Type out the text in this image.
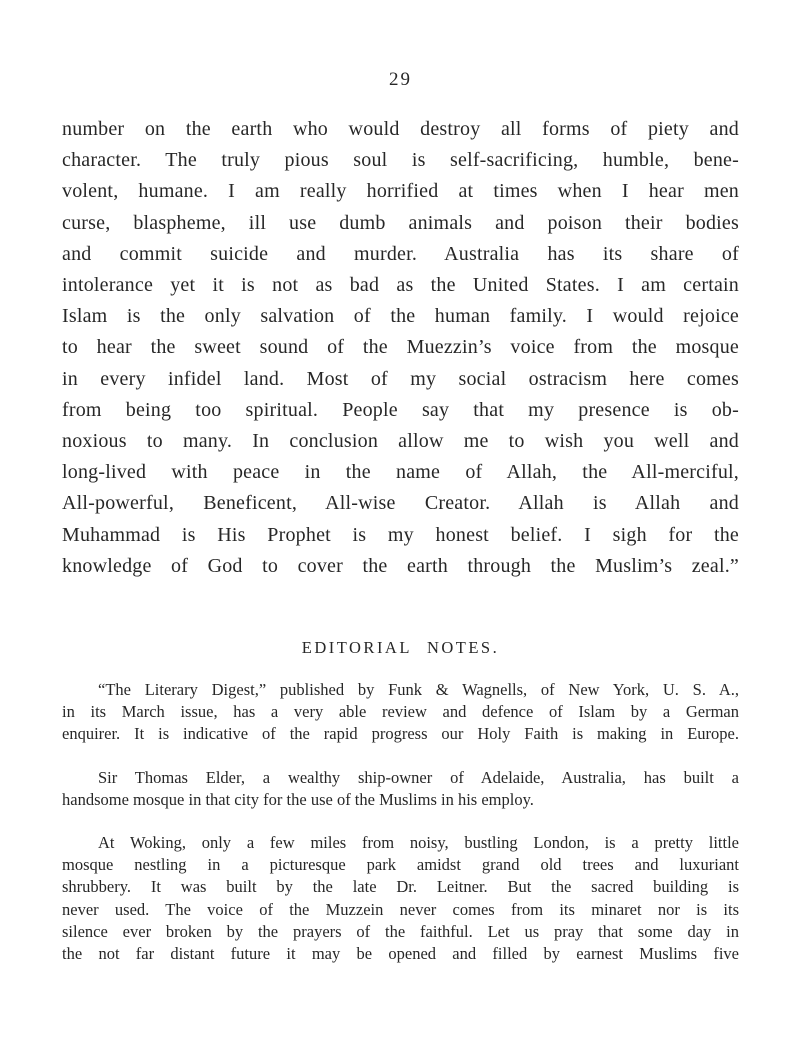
29
number on the earth who would destroy all forms of piety and
character. The truly pious soul is self-sacrificing, humble, bene-
volent, humane. I am really horrified at times when I hear men
curse, blaspheme, ill use dumb animals and poison their bodies
and commit suicide and murder. Australia has its share of
intolerance yet it is not as bad as the United States. I am certain
Islam is the only salvation of the human family. I would rejoice
to hear the sweet sound of the Muezzin’s voice from the mosque
in every infidel land. Most of my social ostracism here comes
from being too spiritual. People say that my presence is ob-
noxious to many. In conclusion allow me to wish you well and
long-lived with peace in the name of Allah, the All-merciful,
All-powerful, Beneficent, All-wise Creator. Allah is Allah and
Muhammad is His Prophet is my honest belief. I sigh for the
knowledge of God to cover the earth through the Muslim’s zeal.”
EDITORIAL NOTES.
“The Literary Digest,” published by Funk & Wagnells, of New York, U. S. A.,
in its March issue, has a very able review and defence of Islam by a German
enquirer. It is indicative of the rapid progress our Holy Faith is making in Europe.
Sir Thomas Elder, a wealthy ship-owner of Adelaide, Australia, has built a
handsome mosque in that city for the use of the Muslims in his employ.
At Woking, only a few miles from noisy, bustling London, is a pretty little
mosque nestling in a picturesque park amidst grand old trees and luxuriant
shrubbery. It was built by the late Dr. Leitner. But the sacred building is
never used. The voice of the Muzzein never comes from its minaret nor is its
silence ever broken by the prayers of the faithful. Let us pray that some day in
the not far distant future it may be opened and filled by earnest Muslims five
